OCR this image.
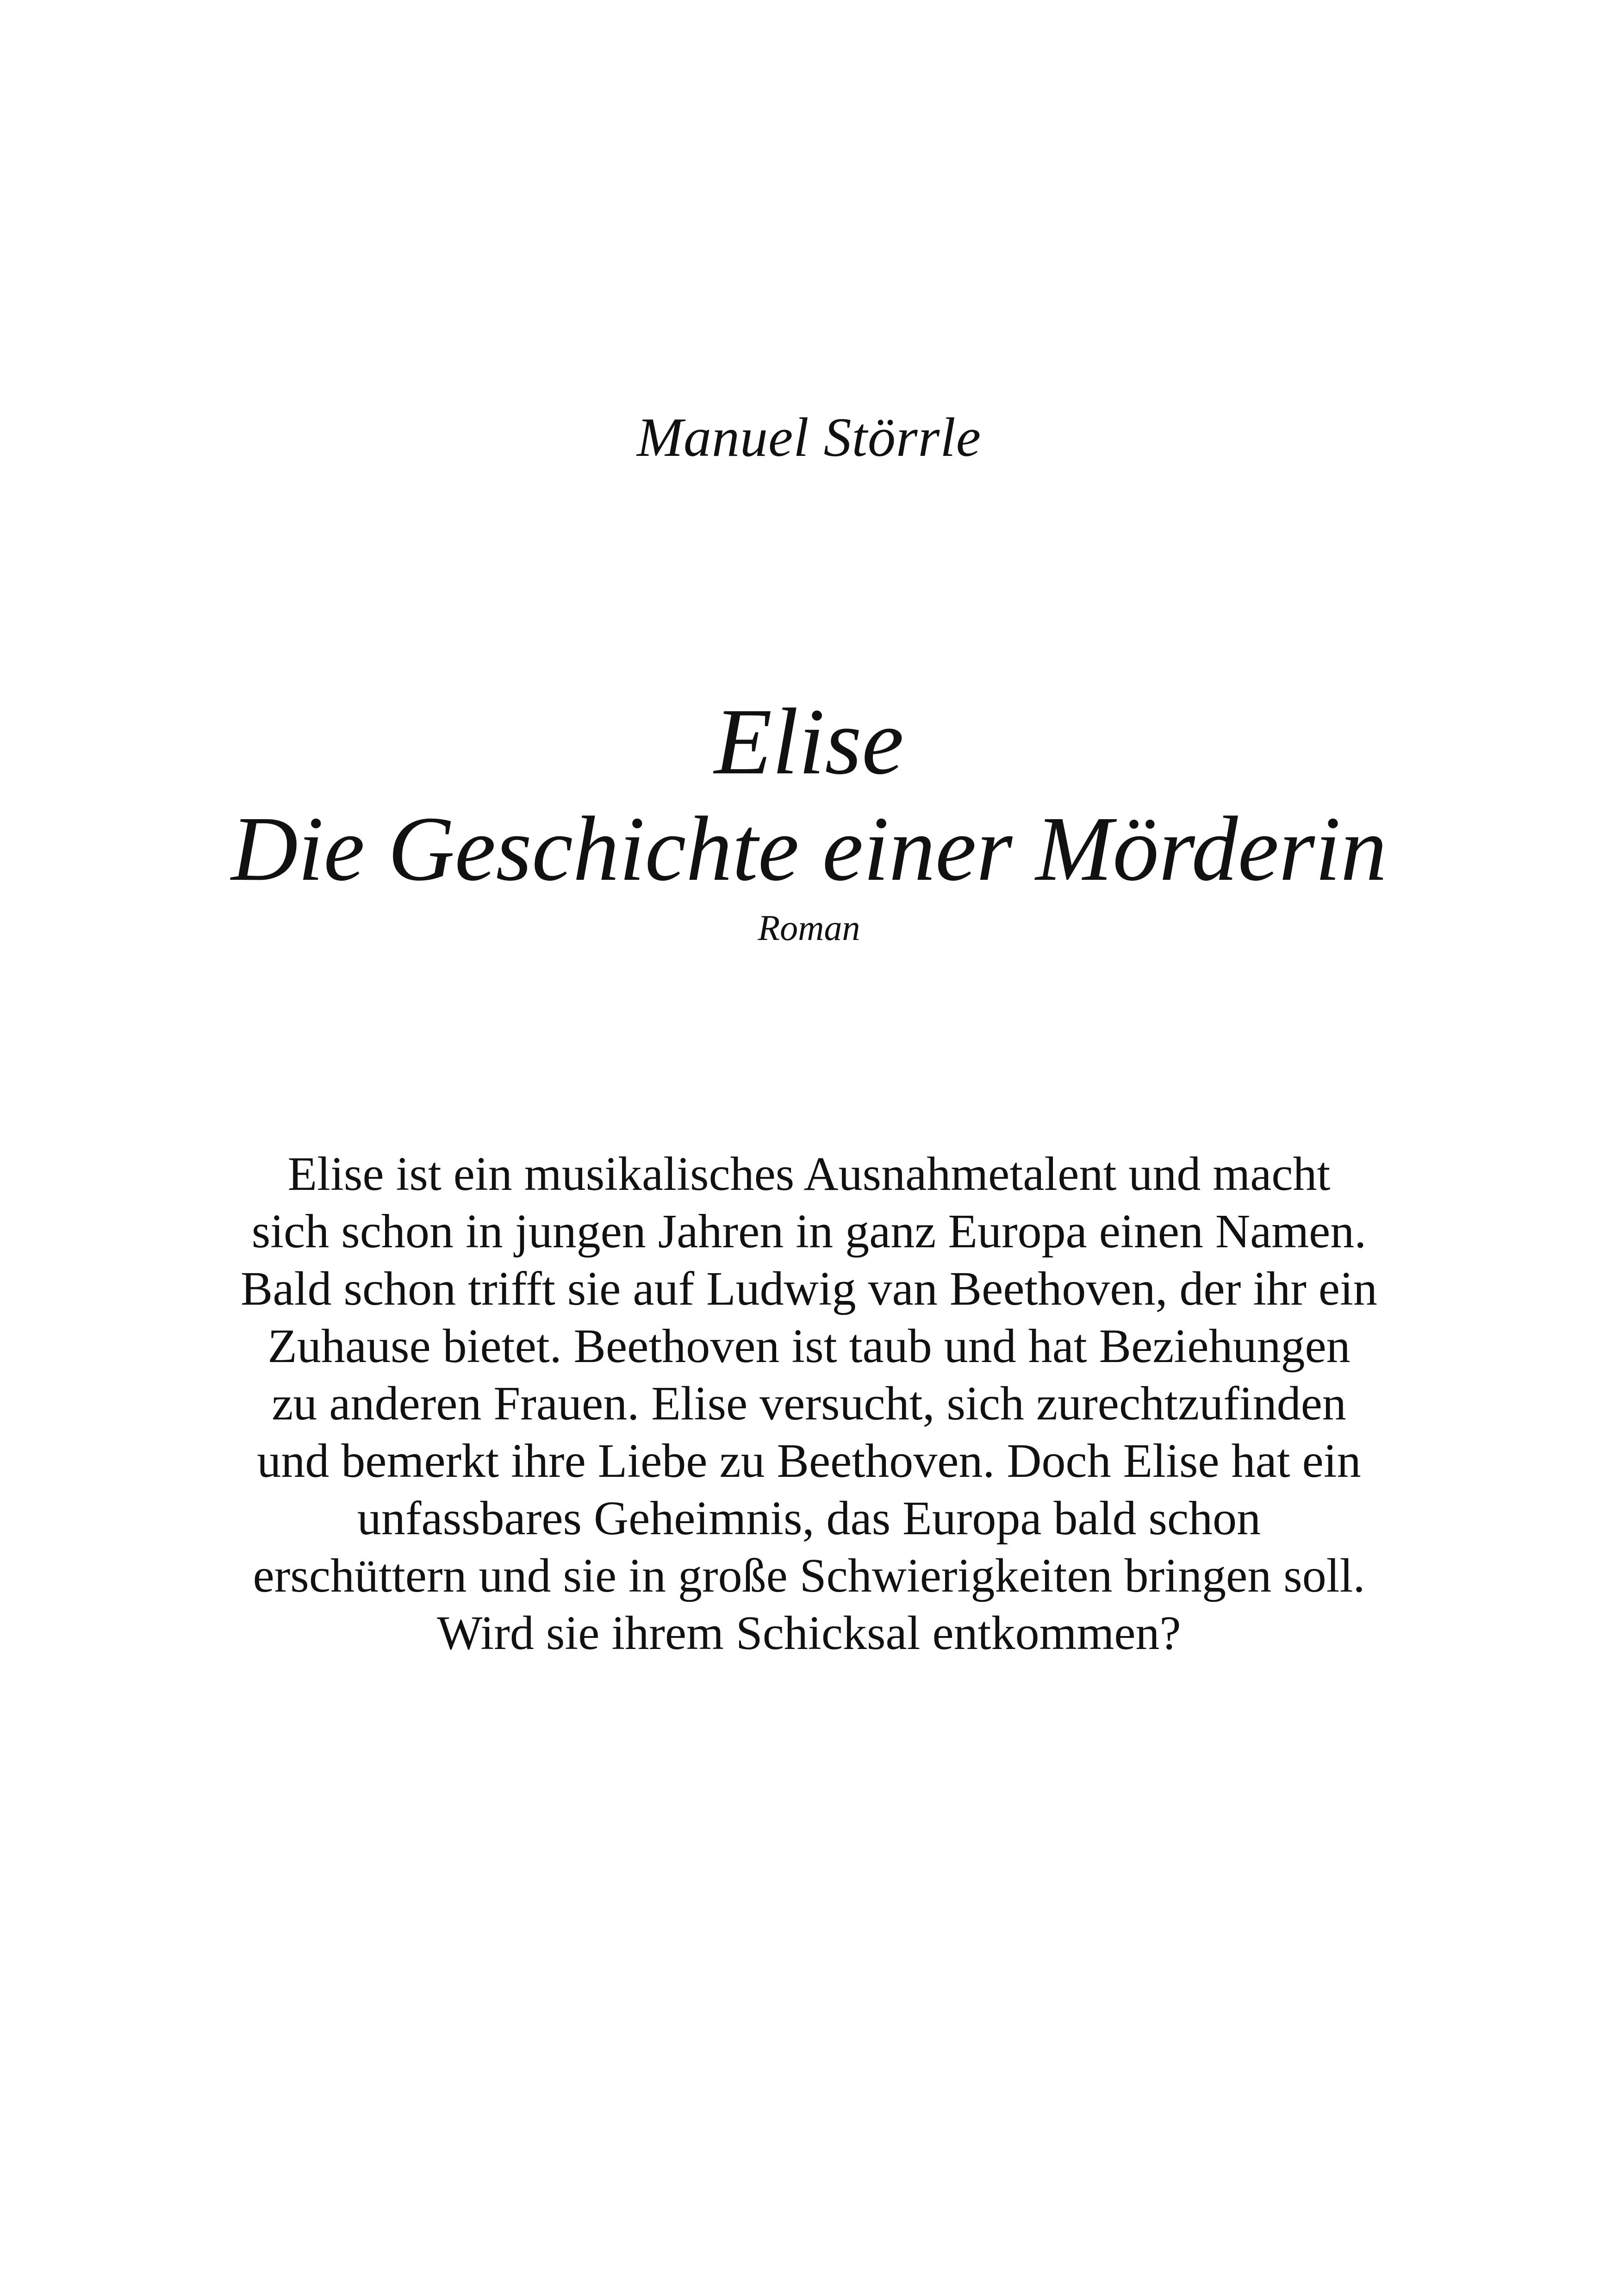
Manuel Störrle
Elise
Die Geschichte einer Mörderin
Roman
Elise ist ein musikalisches Ausnahmetalent und macht
sich schon in jungen Jahren in ganz Europa einen Namen.
Bald schon trifft sie auf Ludwig van Beethoven, der ihr ein
Zuhause bietet. Beethoven ist taub und hat Beziehungen
zu anderen Frauen. Elise versucht, sich zurechtzufinden
und bemerkt ihre Liebe zu Beethoven. Doch Elise hat ein
unfassbares Geheimnis, das Europa bald schon
erschüttern und sie in große Schwierigkeiten bringen soll.
Wird sie ihrem Schicksal entkommen?
